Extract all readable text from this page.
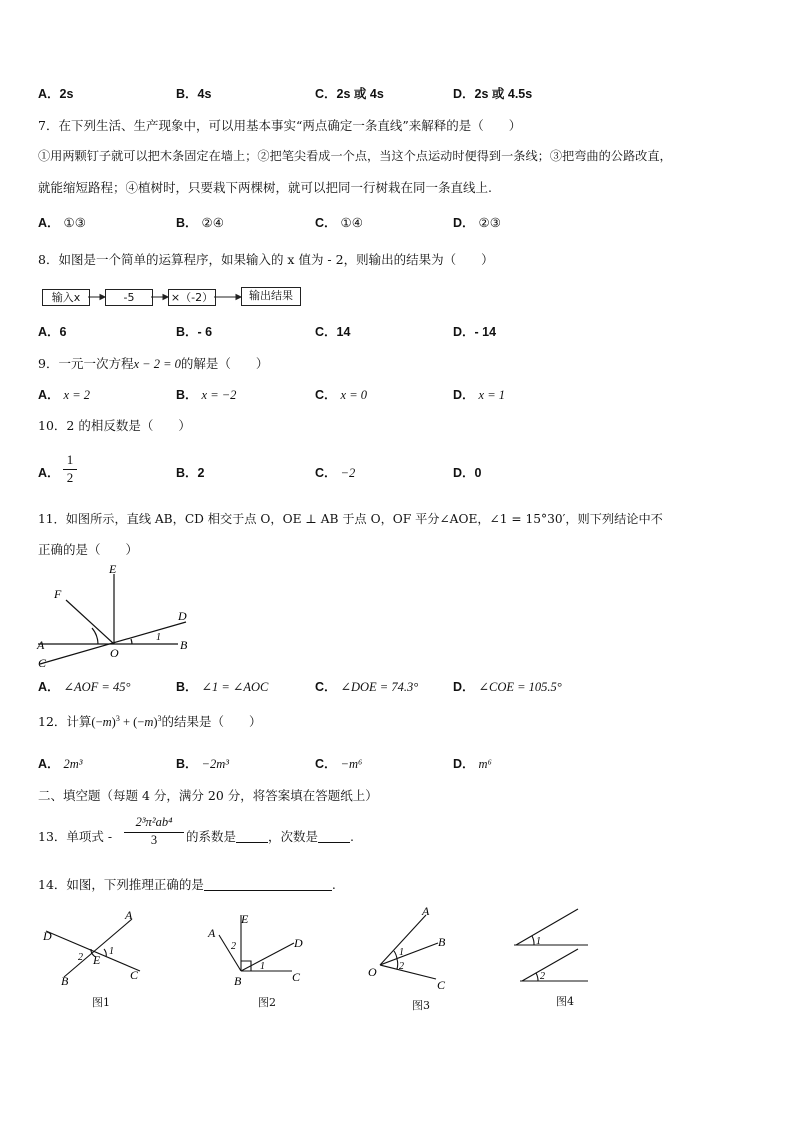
A．2s	B．4s	C．2s 或 4s	D．2s 或 4.5s
7．在下列生活、生产现象中，可以用基本事实“两点确定一条直线”来解释的是（　　）
①用两颗钉子就可以把木条固定在墙上；②把笔尖看成一个点，当这个点运动时便得到一条线；③把弯曲的公路改直，
就能缩短路程；④植树时，只要栽下两棵树，就可以把同一行树栽在同一条直线上.
A． ①③	B． ②④	C． ①④	D． ②③
8．如图是一个简单的运算程序，如果输入的 x 值为 - 2，则输出的结果为（　　）
输入x	-5	×（-2）	输出结果
A．6	B．- 6	C．14	D．- 14
9．一元一次方程x − 2 = 0的解是（　　）
A． x = 2	B． x = −2	C． x = 0	D． x = 1
10．2 的相反数是（　　）
A． $\frac{1}{2}$	B．2	C． −2	D．0
11．如图所示，直线 AB，CD 相交于点 O，OE ⊥ AB 于点 O，OF 平分∠AOE，∠1 = 15°30′，则下列结论中不
正确的是（　　）
E
F
D
A	B
C
O
1
A． ∠AOF = 45°	B． ∠1 = ∠AOC	C． ∠DOE = 74.3°	D． ∠COE = 105.5°
12．计算$(-m)^3 + (-m)^3$的结果是（　　）
A． 2m³	B． −2m³	C． −m⁶	D． m⁶
二、填空题（每题 4 分，满分 20 分，将答案填在答题纸上）
13．单项式 - $\frac{\text{2³π²ab⁴}}{3}$ 的系数是	，次数是	.
14．如图，下列推理正确的是	.
D
A
2
1
E
B	C
E
A
2	D
1
C
B
A
B
1
2
O
C
1
2
图1	图2	图3	图4
